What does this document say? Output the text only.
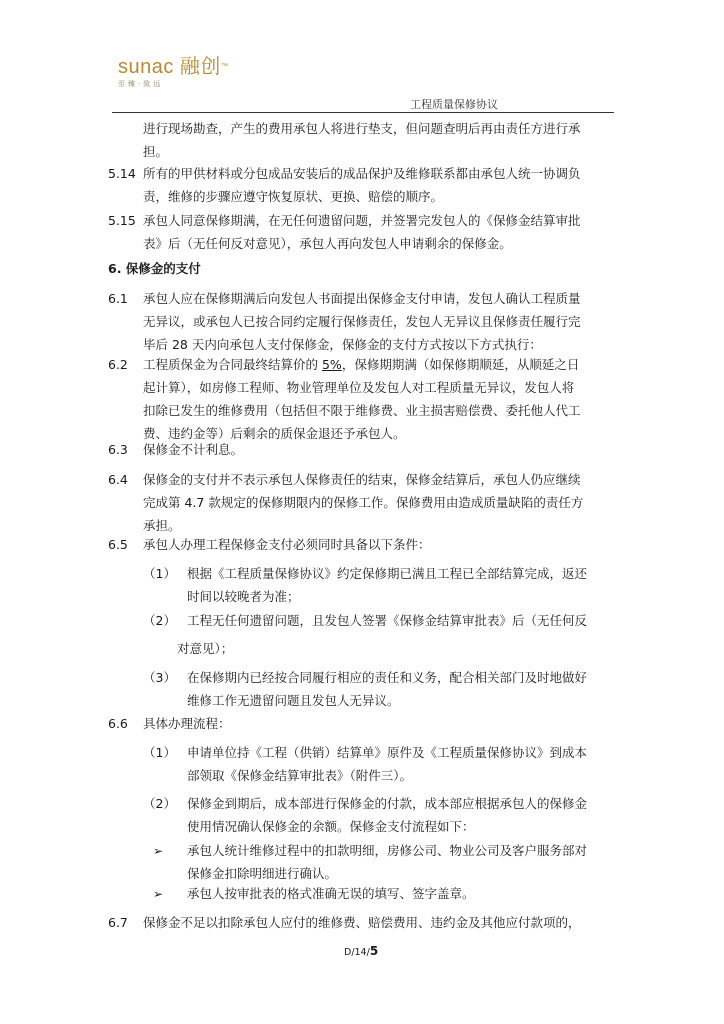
sunac 融创™
至臻·致远
工程质量保修协议
进行现场勘查，产生的费用承包人将进行垫支，但问题查明后再由责任方进行承
担。
5.14 所有的甲供材料或分包成品安装后的成品保护及维修联系都由承包人统一协调负
责，维修的步骤应遵守恢复原状、更换、赔偿的顺序。
5.15 承包人同意保修期满，在无任何遗留问题，并签署完发包人的《保修金结算审批
表》后（无任何反对意见），承包人再向发包人申请剩余的保修金。
6. 保修金的支付
6.1 承包人应在保修期满后向发包人书面提出保修金支付申请，发包人确认工程质量
无异议，或承包人已按合同约定履行保修责任，发包人无异议且保修责任履行完
毕后 28 天内向承包人支付保修金，保修金的支付方式按以下方式执行：
6.2 工程质保金为合同最终结算价的 5%，保修期期满（如保修期顺延，从顺延之日
起计算），如房修工程师、物业管理单位及发包人对工程质量无异议，发包人将
扣除已发生的维修费用（包括但不限于维修费、业主损害赔偿费、委托他人代工
费、违约金等）后剩余的质保金退还予承包人。
6.3 保修金不计利息。
6.4 保修金的支付并不表示承包人保修责任的结束，保修金结算后，承包人仍应继续
完成第 4.7 款规定的保修期限内的保修工作。保修费用由造成质量缺陷的责任方
承担。
6.5 承包人办理工程保修金支付必须同时具备以下条件：
（1） 根据《工程质量保修协议》约定保修期已满且工程已全部结算完成，返还
时间以较晚者为准；
（2） 工程无任何遗留问题，且发包人签署《保修金结算审批表》后（无任何反
对意见）；
（3） 在保修期内已经按合同履行相应的责任和义务，配合相关部门及时地做好
维修工作无遗留问题且发包人无异议。
6.6 具体办理流程：
（1） 申请单位持《工程（供销）结算单》原件及《工程质量保修协议》到成本
部领取《保修金结算审批表》（附件三）。
（2） 保修金到期后，成本部进行保修金的付款，成本部应根据承包人的保修金
使用情况确认保修金的余额。保修金支付流程如下：
➢ 承包人统计维修过程中的扣款明细，房修公司、物业公司及客户服务部对
保修金扣除明细进行确认。
➢ 承包人按审批表的格式准确无误的填写、签字盖章。
6.7 保修金不足以扣除承包人应付的维修费、赔偿费用、违约金及其他应付款项的，
D/14/5
